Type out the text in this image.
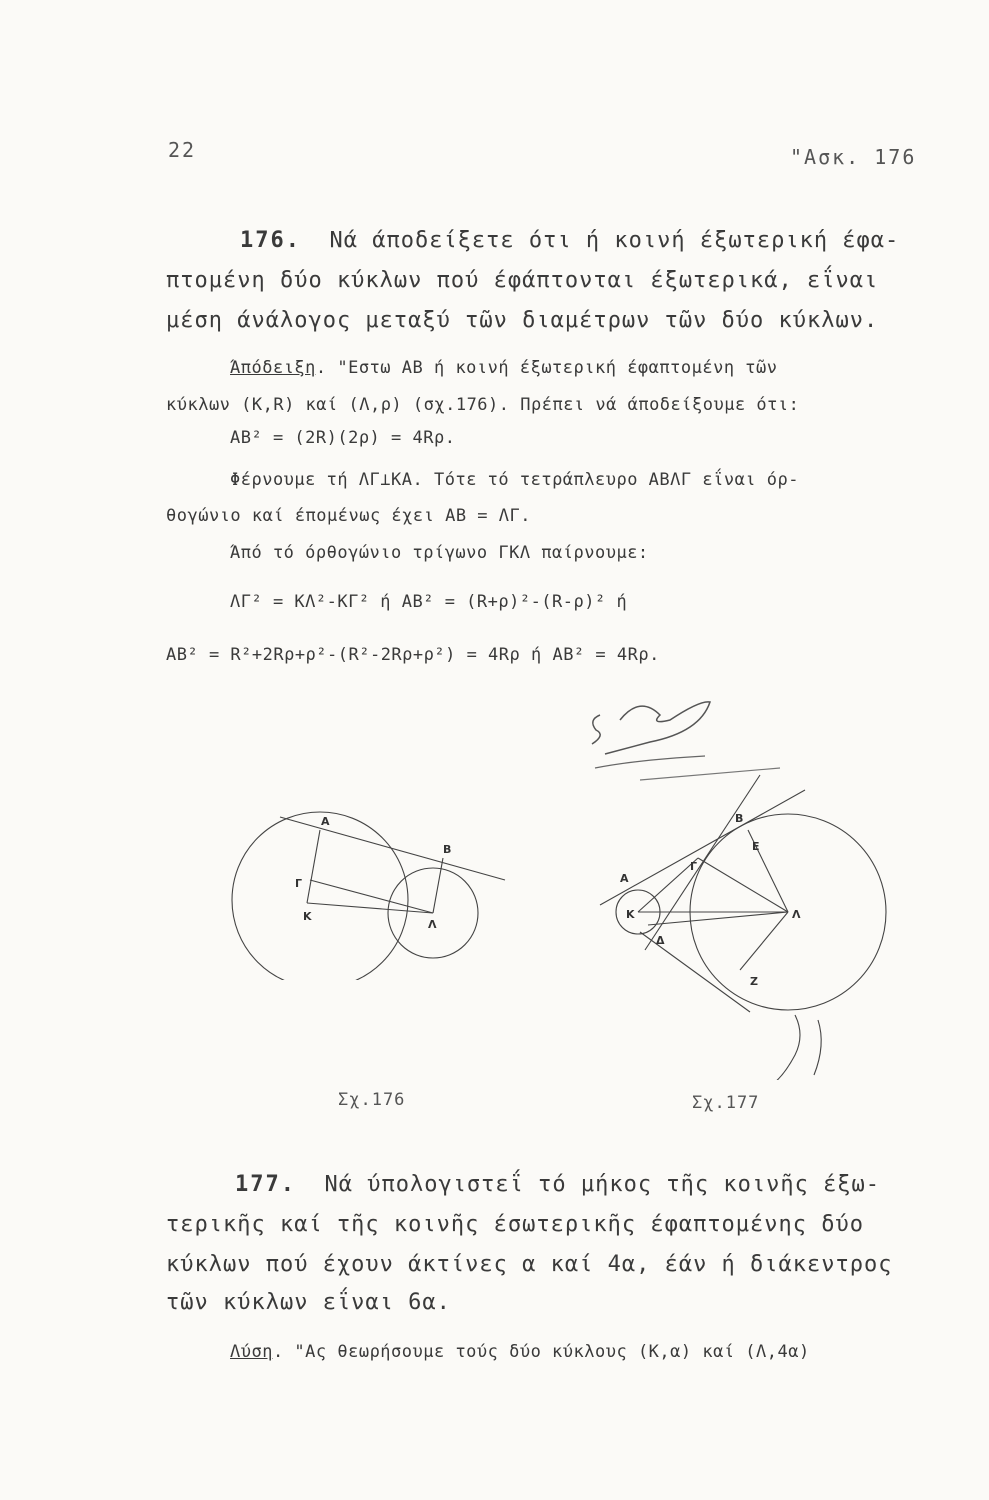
22	"Ασκ. 176
176. Νά άποδείξετε ότι ή κοινή έξωτερική έφα-
πτομένη δύο κύκλων πού έφάπτονται έξωτερικά, εΐναι
μέση άνάλογος μεταξύ τῶν διαμέτρων τῶν δύο κύκλων.
Άπόδειξη. "Εστω ΑΒ ή κοινή έξωτερική έφαπτομένη τῶν
κύκλων (Κ,R) καί (Λ,ρ) (σχ.176). Πρέπει νά άποδείξουμε ότι:
ΑΒ² = (2R)(2ρ) = 4Rρ.
Φέρνουμε τή ΛΓ⊥ΚΑ. Τότε τό τετράπλευρο ΑΒΛΓ εΐναι όρ-
θογώνιο καί έπομένως έχει ΑΒ = ΛΓ.
Άπό τό όρθογώνιο τρίγωνο ΓΚΛ παίρνουμε:
ΛΓ² = ΚΛ²-ΚΓ² ή ΑΒ² = (R+ρ)²-(R-ρ)² ή
ΑΒ² = R²+2Rρ+ρ²-(R²-2Rρ+ρ²) = 4Rρ ή ΑΒ² = 4Rρ.
Α
Β
Γ
Κ
Λ
Β
Ε
Γ
Α
Κ	Λ
Δ
Ζ
Σχ.176	Σχ.177
177. Νά ύπολογιστεΐ τό μήκος τῆς κοινῆς έξω-
τερικῆς καί τῆς κοινῆς έσωτερικῆς έφαπτομένης δύο
κύκλων πού έχουν άκτίνες α καί 4α, έάν ή διάκεντρος
τῶν κύκλων εΐναι 6α.
Λύση. "Ας θεωρήσουμε τούς δύο κύκλους (Κ,α) καί (Λ,4α)
